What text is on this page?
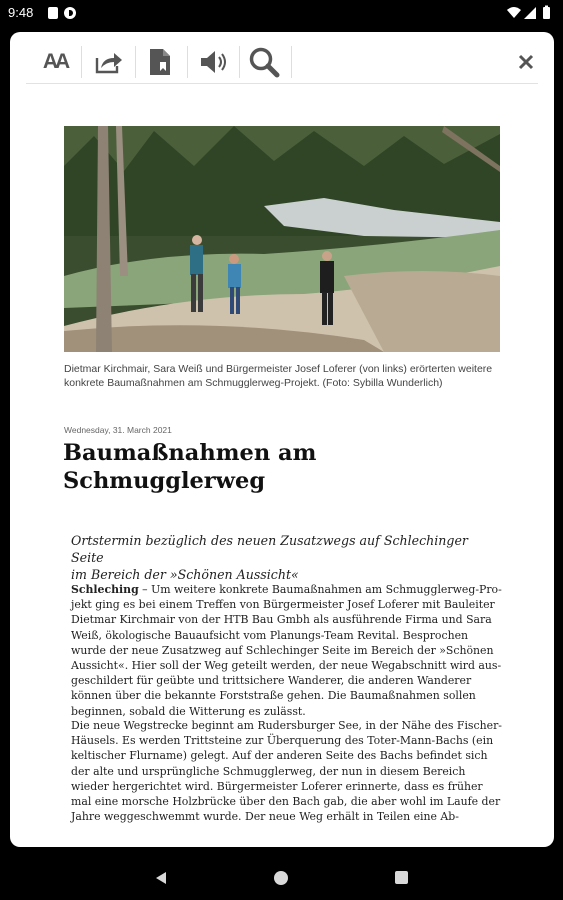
9:48
AA
Dietmar Kirchmair, Sara Weiß und Bürgermeister Josef Loferer (von links) erörterten weitere konkrete Baumaßnahmen am Schmugglerweg-Projekt. (Foto: Sybilla Wunderlich)
Wednesday, 31. March 2021
Baumaßnahmen am
Schmugglerweg
Ortstermin bezüglich des neuen Zusatzwegs auf Schlechinger Seite
im Bereich der »Schönen Aussicht«

Schleching – Um weitere konkrete Baumaßnahmen am Schmugglerweg-Pro-

jekt ging es bei einem Treffen von Bürgermeister Josef Loferer mit Bauleiter

Dietmar Kirchmair von der HTB Bau Gmbh als ausführende Firma und Sara

Weiß, ökologische Bauaufsicht vom Planungs-Team Revital. Besprochen

wurde der neue Zusatzweg auf Schlechinger Seite im Bereich der »Schönen

Aussicht«. Hier soll der Weg geteilt werden, der neue Wegabschnitt wird aus-

geschildert für geübte und trittsichere Wanderer, die anderen Wanderer

können über die bekannte Forststraße gehen. Die Baumaßnahmen sollen

beginnen, sobald die Witterung es zulässt.

Die neue Wegstrecke beginnt am Rudersburger See, in der Nähe des Fischer-

Häusels. Es werden Trittsteine zur Überquerung des Toter-Mann-Bachs (ein

keltischer Flurname) gelegt. Auf der anderen Seite des Bachs befindet sich

der alte und ursprüngliche Schmugglerweg, der nun in diesem Bereich

wieder hergerichtet wird. Bürgermeister Loferer erinnerte, dass es früher

mal eine morsche Holzbrücke über den Bach gab, die aber wohl im Laufe der

Jahre weggeschwemmt wurde. Der neue Weg erhält in Teilen eine Ab-
